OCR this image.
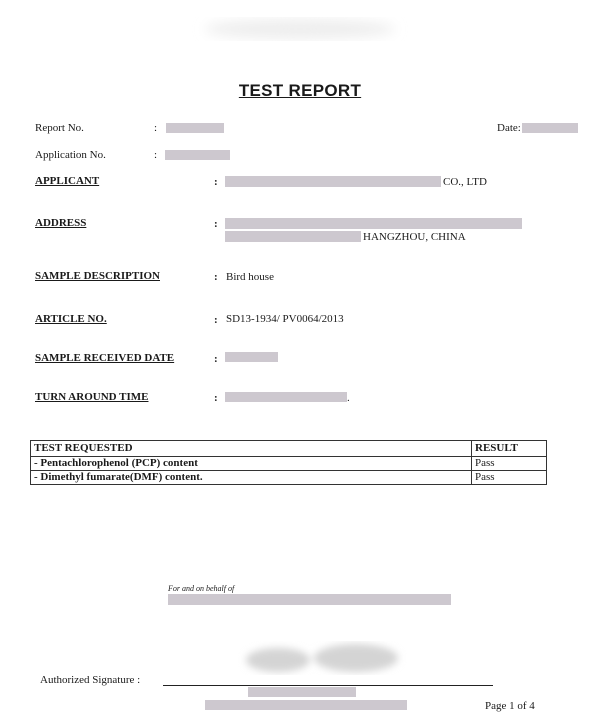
TEST REPORT
Report No.	:	Date:
Application No.	:
APPLICANT	:	CO., LTD
ADDRESS	:
HANGZHOU, CHINA
SAMPLE DESCRIPTION	: Bird house
ARTICLE NO.	: SD13-1934/ PV0064/2013
SAMPLE RECEIVED DATE	:
TURN AROUND TIME	:	.
TEST REQUESTED	RESULT
- Pentachlorophenol (PCP) content	Pass
- Dimethyl fumarate(DMF) content.	Pass
For and on behalf of
Authorized Signature :
Page 1 of 4
